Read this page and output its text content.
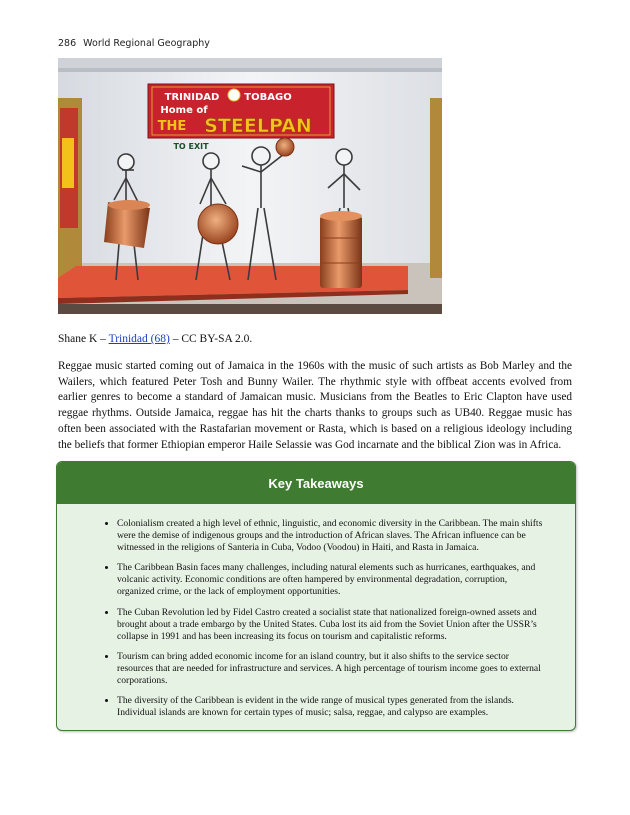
286 World Regional Geography
TRINIDAD TOBAGO
Home of
THE STEELPAN
TO EXIT
Shane K – Trinidad (68) – CC BY-SA 2.0.

Reggae music started coming out of Jamaica in the 1960s with the music of such artists as Bob Marley and the Wailers, which featured Peter Tosh and Bunny Wailer. The rhythmic style with offbeat accents evolved from earlier genres to become a standard of Jamaican music. Musicians from the Beatles to Eric Clapton have used reggae rhythms. Outside Jamaica, reggae has hit the charts thanks to groups such as UB40. Reggae music has often been associated with the Rastafarian movement or Rasta, which is based on a religious ideology including the beliefs that former Ethiopian emperor Haile Selassie was God incarnate and the biblical Zion was in Africa.

Key Takeaways
• Colonialism created a high level of ethnic, linguistic, and economic diversity in the Caribbean. The main shifts were the demise of indigenous groups and the introduction of African slaves. The African influence can be witnessed in the religions of Santeria in Cuba, Vodoo (Voodou) in Haiti, and Rasta in Jamaica.
• The Caribbean Basin faces many challenges, including natural elements such as hurricanes, earthquakes, and volcanic activity. Economic conditions are often hampered by environmental degradation, corruption, organized crime, or the lack of employment opportunities.
• The Cuban Revolution led by Fidel Castro created a socialist state that nationalized foreign-owned assets and brought about a trade embargo by the United States. Cuba lost its aid from the Soviet Union after the USSR’s collapse in 1991 and has been increasing its focus on tourism and capitalistic reforms.
• Tourism can bring added economic income for an island country, but it also shifts to the service sector resources that are needed for infrastructure and services. A high percentage of tourism income goes to external corporations.
• The diversity of the Caribbean is evident in the wide range of musical types generated from the islands. Individual islands are known for certain types of music; salsa, reggae, and calypso are examples.
